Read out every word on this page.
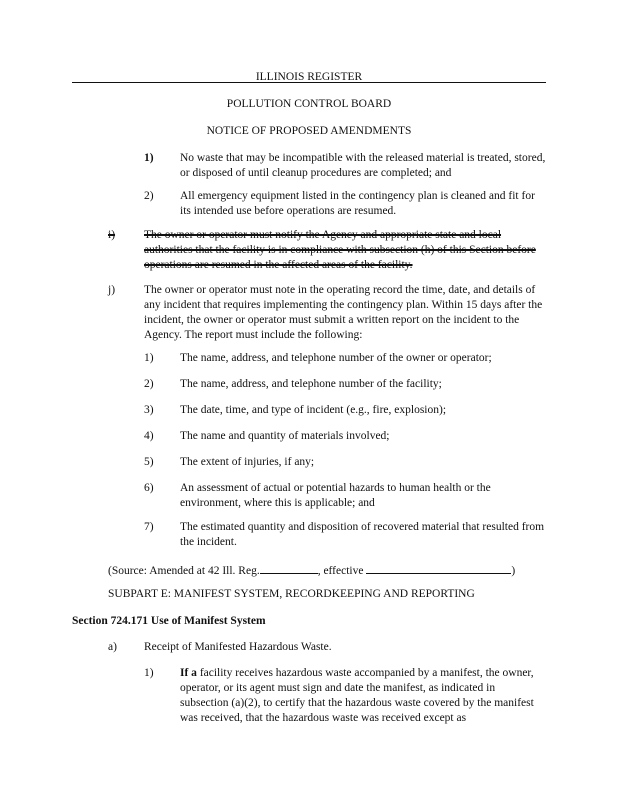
ILLINOIS REGISTER
POLLUTION CONTROL BOARD
NOTICE OF PROPOSED AMENDMENTS
1) No waste that may be incompatible with the released material is treated, stored, or disposed of until cleanup procedures are completed; and
2) All emergency equipment listed in the contingency plan is cleaned and fit for its intended use before operations are resumed.
i)	The owner or operator must notify the Agency and appropriate state and local authorities that the facility is in compliance with subsection (h) of this Section before operations are resumed in the affected areas of the facility.
j)	The owner or operator must note in the operating record the time, date, and details of any incident that requires implementing the contingency plan. Within 15 days after the incident, the owner or operator must submit a written report on the incident to the Agency. The report must include the following:
1) The name, address, and telephone number of the owner or operator;
2) The name, address, and telephone number of the facility;
3) The date, time, and type of incident (e.g., fire, explosion);
4) The name and quantity of materials involved;
5) The extent of injuries, if any;
6) An assessment of actual or potential hazards to human health or the environment, where this is applicable; and
7) The estimated quantity and disposition of recovered material that resulted from the incident.
(Source: Amended at 42 Ill. Reg.	, effective	)
SUBPART E: MANIFEST SYSTEM, RECORDKEEPING AND REPORTING
Section 724.171 Use of Manifest System
a) Receipt of Manifested Hazardous Waste.
1) If a facility receives hazardous waste accompanied by a manifest, the owner, operator, or its agent must sign and date the manifest, as indicated in subsection (a)(2), to certify that the hazardous waste covered by the manifest was received, that the hazardous waste was received except as
